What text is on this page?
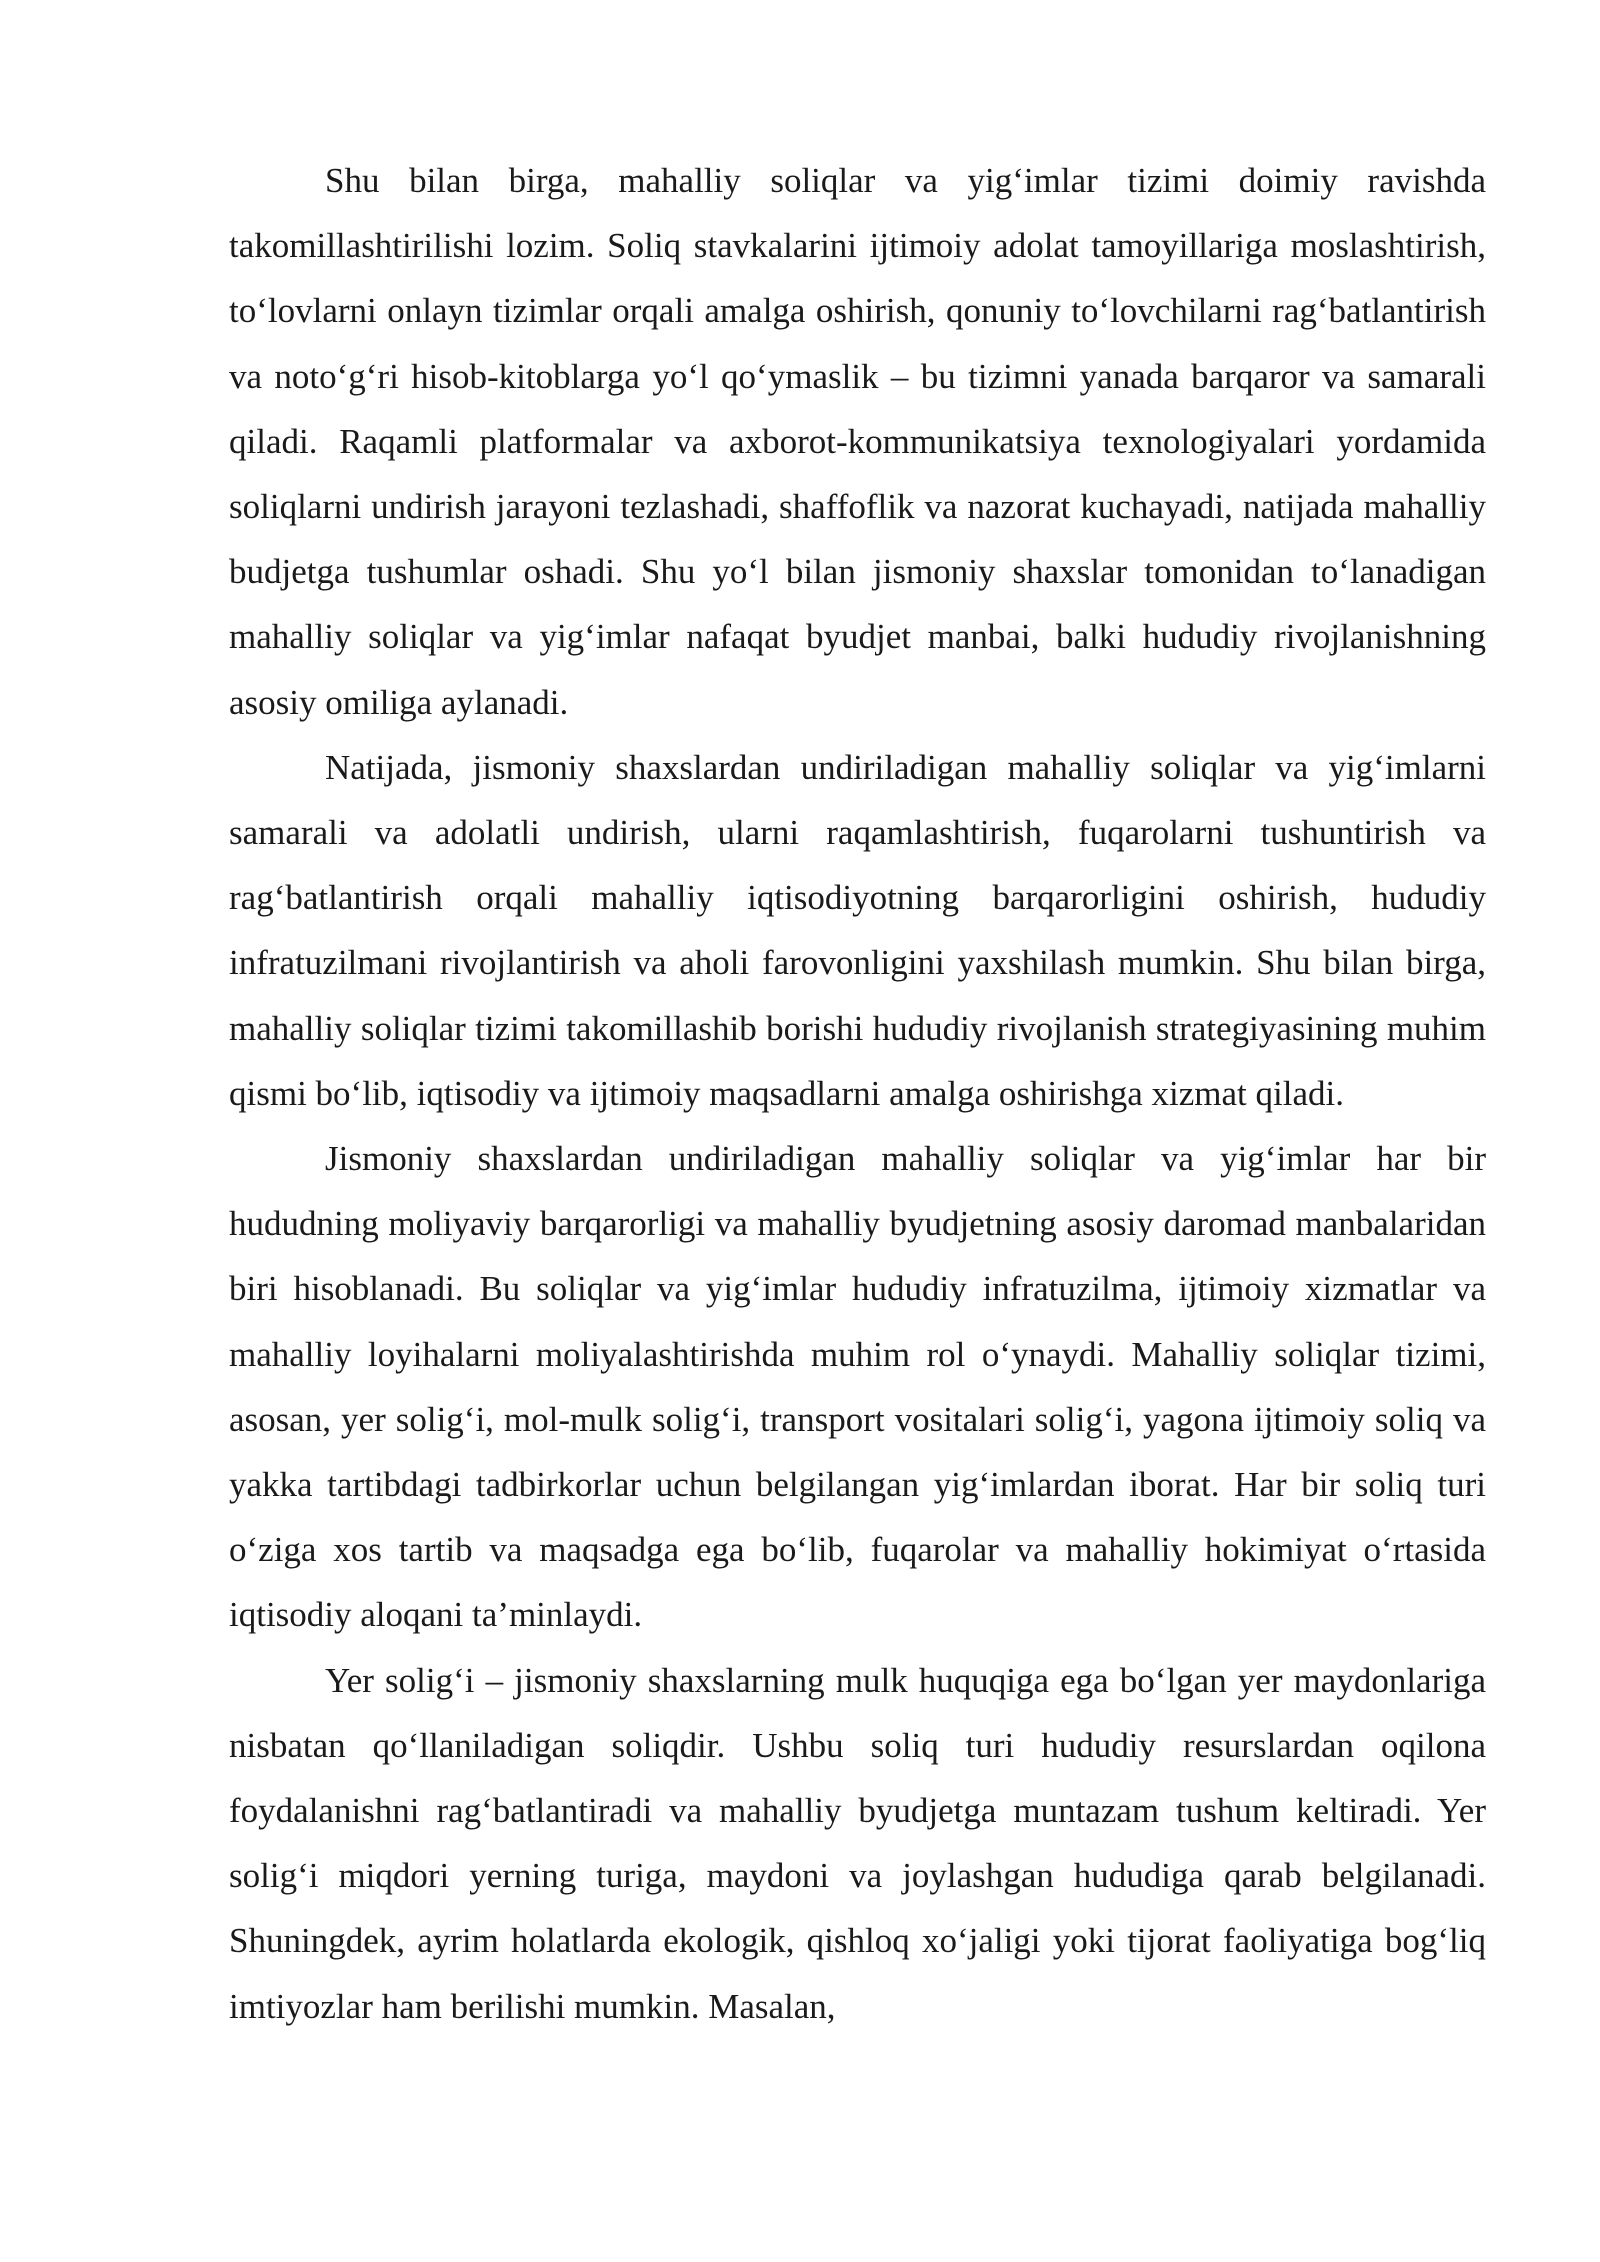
Shu bilan birga, mahalliy soliqlar va yig‘imlar tizimi doimiy ravishda takomillashtirilishi lozim. Soliq stavkalarini ijtimoiy adolat tamoyillariga moslashtirish, to‘lovlarni onlayn tizimlar orqali amalga oshirish, qonuniy to‘lovchilarni rag‘batlantirish va noto‘g‘ri hisob-kitoblarga yo‘l qo‘ymaslik – bu tizimni yanada barqaror va samarali qiladi. Raqamli platformalar va axborot-kommunikatsiya texnologiyalari yordamida soliqlarni undirish jarayoni tezlashadi, shaffoflik va nazorat kuchayadi, natijada mahalliy budjetga tushumlar oshadi. Shu yo‘l bilan jismoniy shaxslar tomonidan to‘lanadigan mahalliy soliqlar va yig‘imlar nafaqat byudjet manbai, balki hududiy rivojlanishning asosiy omiliga aylanadi.

Natijada, jismoniy shaxslardan undiriladigan mahalliy soliqlar va yig‘imlarni samarali va adolatli undirish, ularni raqamlashtirish, fuqarolarni tushuntirish va rag‘batlantirish orqali mahalliy iqtisodiyotning barqarorligini oshirish, hududiy infratuzilmani rivojlantirish va aholi farovonligini yaxshilash mumkin. Shu bilan birga, mahalliy soliqlar tizimi takomillashib borishi hududiy rivojlanish strategiyasining muhim qismi bo‘lib, iqtisodiy va ijtimoiy maqsadlarni amalga oshirishga xizmat qiladi.

Jismoniy shaxslardan undiriladigan mahalliy soliqlar va yig‘imlar har bir hududning moliyaviy barqarorligi va mahalliy byudjetning asosiy daromad manbalaridan biri hisoblanadi. Bu soliqlar va yig‘imlar hududiy infratuzilma, ijtimoiy xizmatlar va mahalliy loyihalarni moliyalashtirishda muhim rol o‘ynaydi. Mahalliy soliqlar tizimi, asosan, yer solig‘i, mol-mulk solig‘i, transport vositalari solig‘i, yagona ijtimoiy soliq va yakka tartibdagi tadbirkorlar uchun belgilangan yig‘imlardan iborat. Har bir soliq turi o‘ziga xos tartib va maqsadga ega bo‘lib, fuqarolar va mahalliy hokimiyat o‘rtasida iqtisodiy aloqani ta’minlaydi.

Yer solig‘i – jismoniy shaxslarning mulk huquqiga ega bo‘lgan yer maydonlariga nisbatan qo‘llaniladigan soliqdir. Ushbu soliq turi hududiy resurslardan oqilona foydalanishni rag‘batlantiradi va mahalliy byudjetga muntazam tushum keltiradi. Yer solig‘i miqdori yerning turiga, maydoni va joylashgan hududiga qarab belgilanadi. Shuningdek, ayrim holatlarda ekologik, qishloq xo‘jaligi yoki tijorat faoliyatiga bog‘liq imtiyozlar ham berilishi mumkin. Masalan,
